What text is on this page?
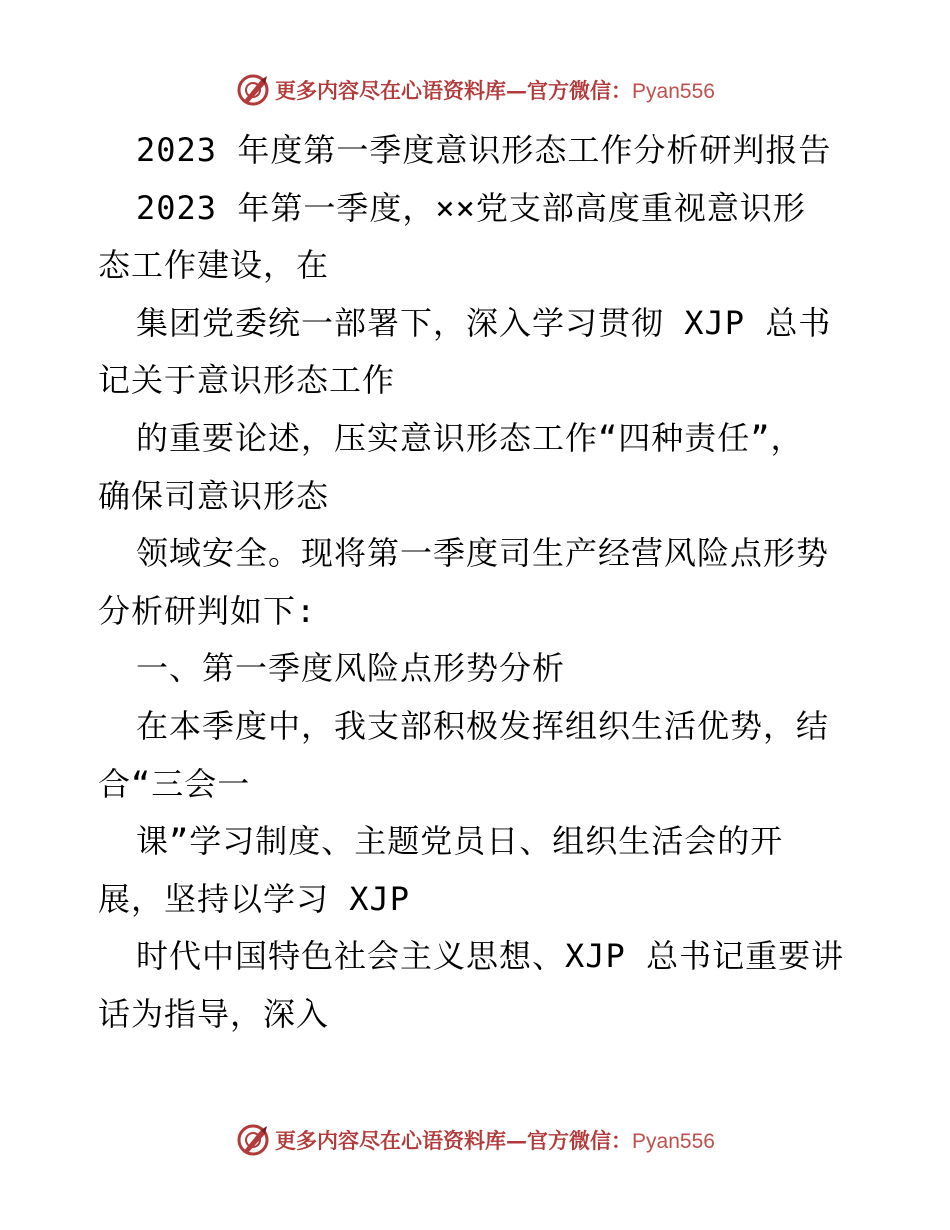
更多内容尽在心语资料库—官方微信：Pyan556
2023 年度第一季度意识形态工作分析研判报告
2023 年第一季度，××党支部高度重视意识形
态工作建设，在
集团党委统一部署下，深入学习贯彻 XJP 总书
记关于意识形态工作
的重要论述，压实意识形态工作“四种责任”，
确保司意识形态
领域安全。现将第一季度司生产经营风险点形势
分析研判如下:
一、第一季度风险点形势分析
在本季度中，我支部积极发挥组织生活优势，结
合“三会一
课”学习制度、主题党员日、组织生活会的开
展，坚持以学习 XJP
时代中国特色社会主义思想、XJP 总书记重要讲
话为指导，深入
更多内容尽在心语资料库—官方微信：Pyan556
